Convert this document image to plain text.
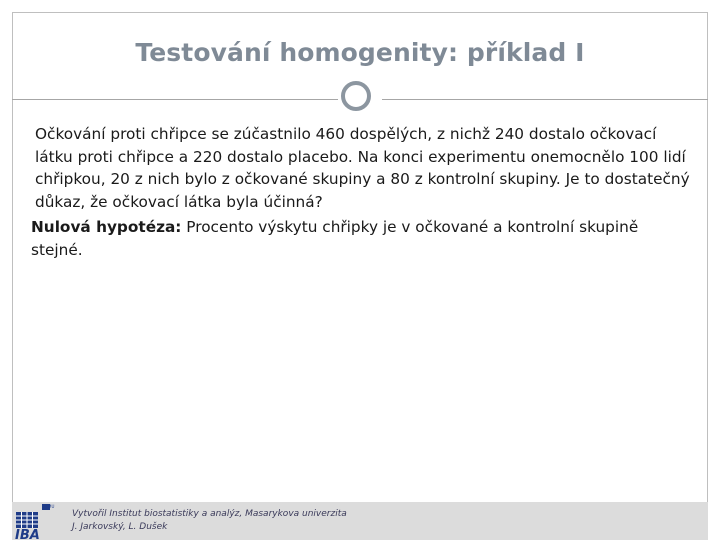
Testování homogenity: příklad I

Očkování proti chřipce se zúčastnilo 460 dospělých, z nichž 240 dostalo očkovací látku proti chřipce a 220 dostalo placebo. Na konci experimentu onemocnělo 100 lidí chřipkou, 20 z nich bylo z očkované skupiny a 80 z kontrolní skupiny. Je to dostatečný důkaz, že očkovací látka byla účinná?

Nulová hypotéza: Procento výskytu chřipky je v očkované a kontrolní skupině stejné.

MU
IBA
Vytvořil Institut biostatistiky a analýz, Masarykova univerzita
J. Jarkovský, L. Dušek
